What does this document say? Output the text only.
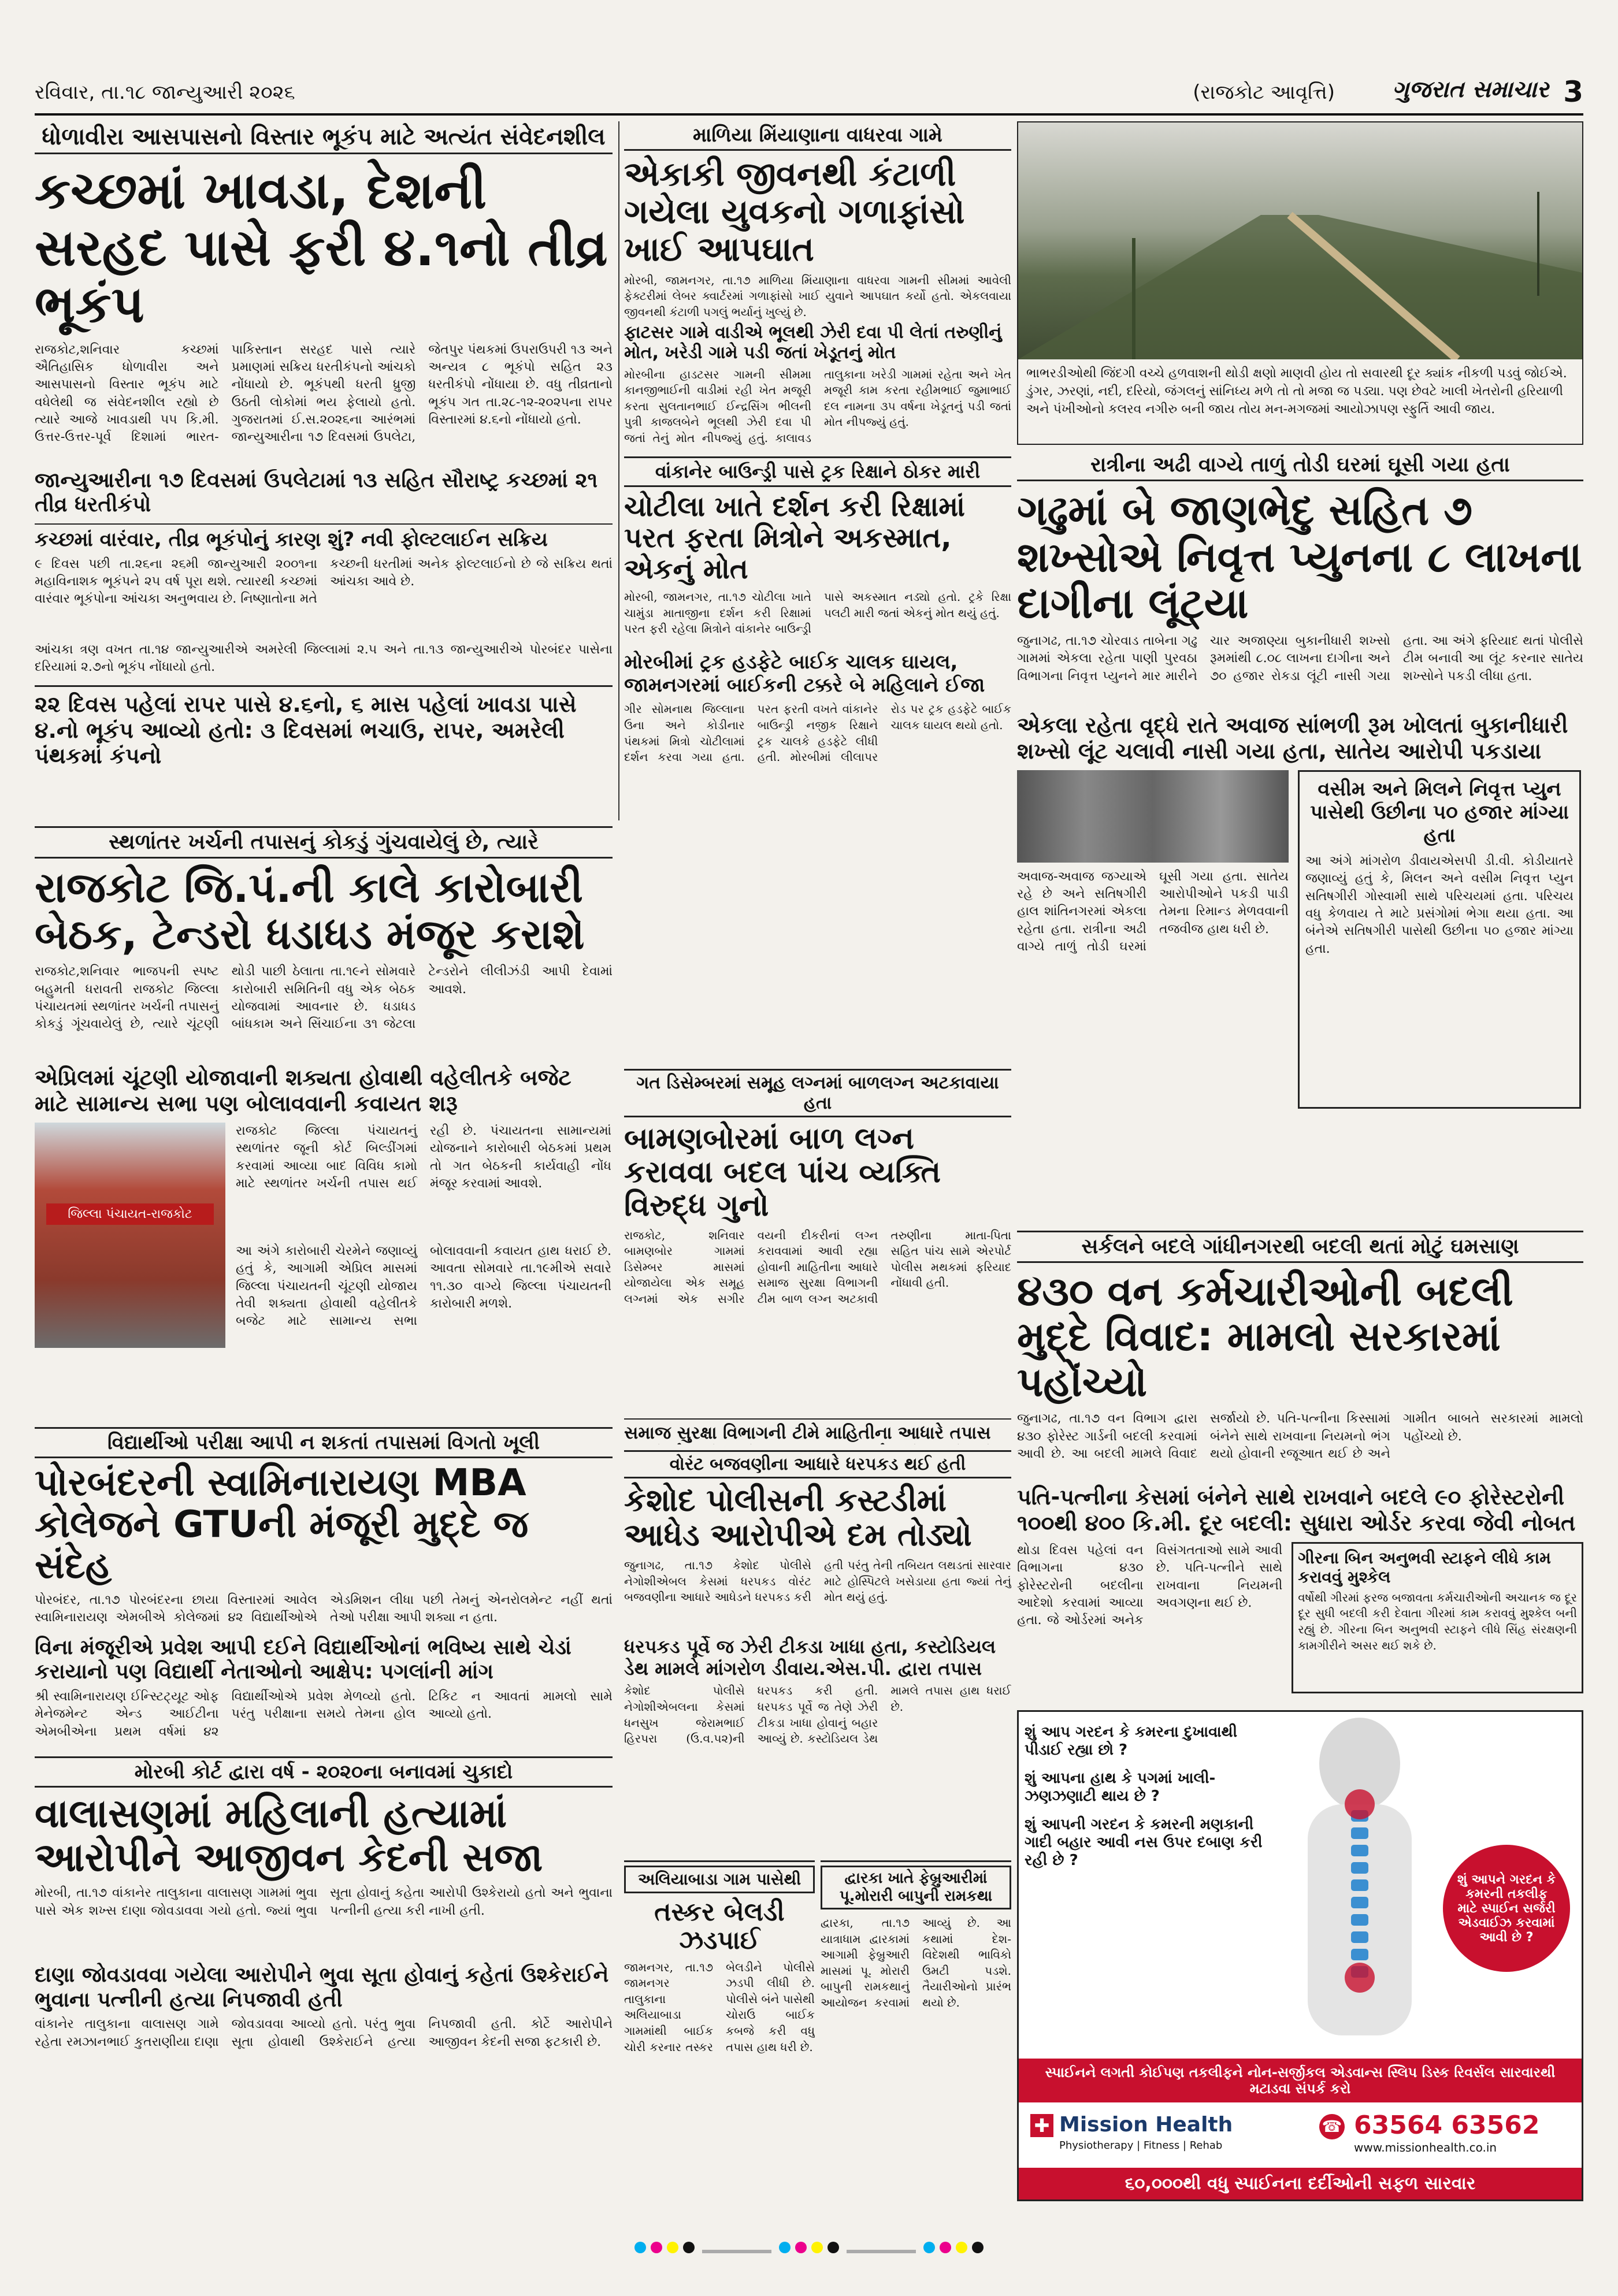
રવિવાર, તા.૧૮ જાન્યુઆરી ૨૦૨૬	(રાજકોટ આવૃત્તિ) ગુજરાત સમાચાર 3
ધોળાવીરા આસપાસનો વિસ્તાર ભૂકંપ માટે અત્યંત સંવેદનશીલ
કચ્છમાં ખાવડા, દેશની સરહદ પાસે ફરી ૪.૧નો તીવ્ર ભૂકંપ
રાજકોટ,શનિવાર કચ્છમાં ઐતિહાસિક ધોળાવીરા અને આસપાસનો વિસ્તાર ભૂકંપ માટે વધેલેથી જ સંવેદનશીલ રહ્યો છે ત્યારે આજે ખાવડાથી ૫૫ કિ.મી. ઉત્તર-ઉત્તર-પૂર્વ દિશામાં ભારત-પાકિસ્તાન સરહદ પાસે ત્યારે પ્રમાણમાં સક્રિય ધરતીકંપનો આંચકો નોંધાયો છે. ભૂકંપથી ધરતી ધ્રુજી ઉઠતી લોકોમાં ભય ફેલાયો હતો. ગુજરાતમાં ઈ.સ.૨૦૨૬ના આરંભમાં જાન્યુઆરીના ૧૭ દિવસમાં ઉપલેટા, જેતપુર પંથકમાં ઉપરાઉપરી ૧૩ અને અન્યત્ર ૮ ભૂકંપો સહિત ૨૩ ધરતીકંપો નોંધાયા છે. વધુ તીવ્રતાનો ભૂકંપ ગત તા.૨૮-૧૨-૨૦૨૫ના રાપર વિસ્તારમાં ૪.૬નો નોંધાયો હતો.
જાન્યુઆરીના ૧૭ દિવસમાં ઉપલેટામાં ૧૩ સહિત સૌરાષ્ટ્ર કચ્છમાં ૨૧ તીવ્ર ધરતીકંપો
કચ્છમાં વારંવાર, તીવ્ર ભૂકંપોનું કારણ શું? નવી ફોલ્ટલાઈન સક્રિય
૯ દિવસ પછી તા.૨૬ના ૨૬મી જાન્યુઆરી ૨૦૦૧ના મહાવિનાશક ભૂકંપને ૨૫ વર્ષ પૂરા થશે. ત્યારથી કચ્છમાં વારંવાર ભૂકંપોના આંચકા અનુભવાય છે. નિષ્ણાતોના મતે કચ્છની ધરતીમાં અનેક ફોલ્ટલાઈનો છે જે સક્રિય થતાં આંચકા આવે છે.
આંચકા ત્રણ વખત તા.૧૪ જાન્યુઆરીએ અમરેલી જિલ્લામાં ૨.૫ અને તા.૧૩ જાન્યુઆરીએ પોરબંદર પાસેના દરિયામાં ૨.૭નો ભૂકંપ નોંધાયો હતો.
૨૨ દિવસ પહેલાં રાપર પાસે ૪.૬નો, ૬ માસ પહેલાં ખાવડા પાસે ૪.નો ભૂકંપ આવ્યો હતો: ૩ દિવસમાં ભચાઉ, રાપર, અમરેલી પંથકમાં કંપનો
માળિયા મિંયાણાના વાધરવા ગામે
એકાકી જીવનથી કંટાળી ગયેલા યુવકનો ગળાફાંસો ખાઈ આપઘાત
મોરબી, જામનગર, તા.૧૭ માળિયા મિંયાણાના વાધરવા ગામની સીમમાં આવેલી ફેક્ટરીમાં લેબર ક્વાર્ટરમાં ગળાફાંસો ખાઈ યુવાને આપઘાત કર્યો હતો. એકલવાયા જીવનથી કંટાળી પગલું ભર્યાનું ખુલ્યું છે.
ફાટસર ગામે વાડીએ ભૂલથી ઝેરી દવા પી લેતાં તરુણીનું મોત, ખરેડી ગામે પડી જતાં ખેડૂતનું મોત
મોરબીના હાડટસર ગામની સીમમા કાનજીભાઈની વાડીમાં રહી ખેત મજૂરી કરતા સુલતાનભાઈ ઈન્દ્રસિંગ ભીલની પુત્રી કાજલબેને ભૂલથી ઝેરી દવા પી જતાં તેનું મોત નીપજ્યું હતું. કાલાવડ તાલુકાના ખરેડી ગામમાં રહેતા અને ખેત મજૂરી કામ કરતા રહીમભાઈ જુમાભાઈ દલ નામના ૩૫ વર્ષના ખેડૂતનું પડી જતાં મોત નીપજ્યું હતું.
ભાભરડીઓથી જિંદગી વચ્ચે હળવાશની થોડી ક્ષણો માણવી હોય તો સવારથી દૂર ક્યાંક નીકળી પડવું જોઈએ. ડુંગર, ઝરણાં, નદી, દરિયો, જંગલનું સાંનિધ્ય મળે તો તો મજા જ પડ્યા. પણ છેવટે ખાલી ખેતરોની હરિયાળી અને પંખીઓનો કલરવ નગીરુ બની જાય તોય મન-મગજમાં આયોઝાપણ સ્ફુર્તિ આવી જાય.
રાત્રીના અઢી વાગ્યે તાળું તોડી ઘરમાં ઘૂસી ગયા હતા
ગઢુમાં બે જાણભેદુ સહિત ૭ શખ્સોએ નિવૃત્ત પ્યુનના ૮ લાખના દાગીના લૂંટ્યા
જુનાગઢ, તા.૧૭ ચોરવાડ તાબેના ગઢુ ગામમાં એકલા રહેતા પાણી પુરવઠા વિભાગના નિવૃત્ત પ્યુનને માર મારીને ચાર અજાણ્યા બુકાનીધારી શખ્સો રૂમમાંથી ૮.૦૮ લાખના દાગીના અને ૭૦ હજાર રોકડા લૂંટી નાસી ગયા હતા. આ અંગે ફરિયાદ થતાં પોલીસે ટીમ બનાવી આ લૂંટ કરનાર સાતેય શખ્સોને પકડી લીધા હતા.
એકલા રહેતા વૃદ્ધે રાતે અવાજ સાંભળી રૂમ ખોલતાં બુકાનીધારી શખ્સો લૂંટ ચલાવી નાસી ગયા હતા, સાતેય આરોપી પકડાયા
અવાજ-અવાજ જગ્યાએ રહે છે અને સતિષગીરી હાલ શાંતિનગરમાં એકલા રહેતા હતા. રાત્રીના અઢી વાગ્યે તાળું તોડી ઘરમાં ઘૂસી ગયા હતા. સાતેય આરોપીઓને પકડી પાડી તેમના રિમાન્ડ મેળવવાની તજવીજ હાથ ધરી છે.
વસીમ અને મિલને નિવૃત્ત પ્યુન પાસેથી ઉછીના ૫૦ હજાર માંગ્યા હતા
આ અંગે માંગરોળ ડીવાયએસપી ડી.વી. કોડીયાતરે જણાવ્યું હતું કે, મિલન અને વસીમ નિવૃત્ત પ્યુન સતિષગીરી ગોસ્વામી સાથે પરિચયમાં હતા. પરિચય વધુ કેળવાય તે માટે પ્રસંગોમાં ભેગા થયા હતા. આ બંનેએ સતિષગીરી પાસેથી ઉછીના ૫૦ હજાર માંગ્યા હતા.
સ્થળાંતર ખર્ચની તપાસનું કોકડું ગુંચવાયેલું છે, ત્યારે
રાજકોટ જિ.પં.ની કાલે કારોબારી બેઠક, ટેન્ડરો ધડાધડ મંજૂર કરાશે
રાજકોટ,શનિવાર ભાજપની સ્પષ્ટ બહુમતી ધરાવતી રાજકોટ જિલ્લા પંચાયતમાં સ્થળાંતર ખર્ચની તપાસનું કોકડું ગૂંચવાયેલું છે, ત્યારે ચૂંટણી થોડી પાછી ઠેલાતા તા.૧૯ને સોમવારે કારોબારી સમિતિની વધુ એક બેઠક યોજવામાં આવનાર છે. ધડાધડ બાંધકામ અને સિંચાઈના ૩૧ જેટલા ટેન્ડરોને લીલીઝંડી આપી દેવામાં આવશે.
એપ્રિલમાં ચૂંટણી યોજાવાની શક્યતા હોવાથી વહેલીતકે બજેટ માટે સામાન્ય સભા પણ બોલાવવાની કવાયત શરૂ
જિલ્લા પંચાયત-રાજકોટ
રાજકોટ જિલ્લા પંચાયતનું સ્થળાંતર જૂની કોર્ટ બિલ્ડીંગમાં કરવામાં આવ્યા બાદ વિવિધ કામો માટે સ્થળાંતર ખર્ચની તપાસ થઈ રહી છે. પંચાયતના સામાન્યમાં યોજનાને કારોબારી બેઠકમાં પ્રથમ તો ગત બેઠકની કાર્યવાહી નોંધ મંજૂર કરવામાં આવશે.
આ અંગે કારોબારી ચેરમેને જણાવ્યું હતું કે, આગામી એપ્રિલ માસમાં જિલ્લા પંચાયતની ચૂંટણી યોજાય તેવી શક્યતા હોવાથી વહેલીતકે બજેટ માટે સામાન્ય સભા બોલાવવાની કવાયત હાથ ધરાઈ છે. આવતા સોમવારે તા.૧૯મીએ સવારે ૧૧.૩૦ વાગ્યે જિલ્લા પંચાયતની કારોબારી મળશે.
વાંકાનેર બાઉન્ડ્રી પાસે ટ્રક રિક્ષાને ઠોકર મારી
ચોટીલા ખાતે દર્શન કરી રિક્ષામાં પરત ફરતા મિત્રોને અકસ્માત, એકનું મોત
મોરબી, જામનગર, તા.૧૭ ચોટીલા ખાતે ચામુંડા માતાજીના દર્શન કરી રિક્ષામાં પરત ફરી રહેલા મિત્રોને વાંકાનેર બાઉન્ડ્રી પાસે અકસ્માત નડ્યો હતો. ટ્રકે રિક્ષા પલટી મારી જતાં એકનું મોત થયું હતું.
મોરબીમાં ટ્રક હડફેટે બાઈક ચાલક ઘાયલ, જામનગરમાં બાઈકની ટક્કરે બે મહિલાને ઈજા
ગીર સોમનાથ જિલ્લાના ઉના અને કોડીનાર પંથકમાં મિત્રો ચોટીલામાં દર્શન કરવા ગયા હતા. પરત ફરતી વખતે વાંકાનેર બાઉન્ડ્રી નજીક રિક્ષાને ટ્રક ચાલકે હડફેટે લીધી હતી. મોરબીમાં લીલાપર રોડ પર ટ્રક હડફેટે બાઈક ચાલક ઘાયલ થયો હતો.
ગત ડિસેમ્બરમાં સમૂહ લગ્નમાં બાળલગ્ન અટકાવાયા હતા
બામણબોરમાં બાળ લગ્ન કરાવવા બદલ પાંચ વ્યક્તિ વિરુદ્ધ ગુનો
રાજકોટ, શનિવાર બામણબોર ગામમાં ડિસેમ્બર માસમાં યોજાયેલા એક સમૂહ લગ્નમાં એક સગીર વયની દીકરીનાં લગ્ન કરાવવામાં આવી રહ્યા હોવાની માહિતીના આધારે સમાજ સુરક્ષા વિભાગની ટીમ બાળ લગ્ન અટકાવી તરુણીના માતા-પિતા સહિત પાંચ સામે એરપોર્ટ પોલીસ મથકમાં ફરિયાદ નોંધાવી હતી.
સમાજ સુરક્ષા વિભાગની ટીમે માહિતીના આધારે તપાસ
સર્કલને બદલે ગાંધીનગરથી બદલી થતાં મોટું ઘમસાણ
૪૩૦ વન કર્મચારીઓની બદલી મુદ્દે વિવાદ: મામલો સરકારમાં પહોંચ્યો
જુનાગઢ, તા.૧૭ વન વિભાગ દ્વારા ૪૩૦ ફોરેસ્ટ ગાર્ડની બદલી કરવામાં આવી છે. આ બદલી મામલે વિવાદ સર્જાયો છે. પતિ-પત્નીના કિસ્સામાં બંનેને સાથે રાખવાના નિયમનો ભંગ થયો હોવાની રજૂઆત થઈ છે અને ગામીત બાબતે સરકારમાં મામલો પહોંચ્યો છે.
પતિ-પત્નીના કેસમાં બંનેને સાથે રાખવાને બદલે ૯૦ ફોરેસ્ટરોની ૧૦૦થી ૪૦૦ કિ.મી. દૂર બદલી: સુધારા ઓર્ડર કરવા જેવી નોબત
થોડા દિવસ પહેલાં વન વિભાગના ૪૩૦ ફોરેસ્ટરોની બદલીના આદેશો કરવામાં આવ્યા હતા. જે ઓર્ડરમાં અનેક વિસંગતતાઓ સામે આવી છે. પતિ-પત્નીને સાથે રાખવાના નિયમની અવગણના થઈ છે.
ગીરના બિન અનુભવી સ્ટાફને લીધે કામ કરાવવું મુશ્કેલ
વર્ષોથી ગીરમાં ફરજ બજાવતા કર્મચારીઓની અચાનક જ દૂર દૂર સુધી બદલી કરી દેવાતા ગીરમાં કામ કરાવવું મુશ્કેલ બની રહ્યું છે. ગીરના બિન અનુભવી સ્ટાફને લીધે સિંહ સંરક્ષણની કામગીરીને અસર થઈ શકે છે.
વિદ્યાર્થીઓ પરીક્ષા આપી ન શકતાં તપાસમાં વિગતો ખૂલી
પોરબંદરની સ્વામિનારાયણ MBA કોલેજને GTUની મંજૂરી મુદ્દે જ સંદેહ
પોરબંદર, તા.૧૭ પોરબંદરના છાયા વિસ્તારમાં આવેલ સ્વામિનારાયણ એમબીએ કોલેજમાં ૪૨ વિદ્યાર્થીઓએ એડમિશન લીધા પછી તેમનું એનરોલમેન્ટ નહીં થતાં તેઓ પરીક્ષા આપી શક્યા ન હતા.
વિના મંજૂરીએ પ્રવેશ આપી દઈને વિદ્યાર્થીઓનાં ભવિષ્ય સાથે ચેડાં કરાયાનો પણ વિદ્યાર્થી નેતાઓનો આક્ષેપ: પગલાંની માંગ
શ્રી સ્વામિનારાયણ ઈન્સ્ટિટ્યૂટ ઓફ મેનેજમેન્ટ એન્ડ આઈટીના એમબીએના પ્રથમ વર્ષમાં ૪૨ વિદ્યાર્થીઓએ પ્રવેશ મેળવ્યો હતો. પરંતુ પરીક્ષાના સમયે તેમના હોલ ટિકિટ ન આવતાં મામલો સામે આવ્યો હતો.
મોરબી કોર્ટ દ્વારા વર્ષ - ૨૦૨૦ના બનાવમાં ચુકાદો
વાલાસણમાં મહિલાની હત્યામાં આરોપીને આજીવન કેદની સજા
મોરબી, તા.૧૭ વાંકાનેર તાલુકાના વાલાસણ ગામમાં ભુવા પાસે એક શખ્સ દાણા જોવડાવવા ગયો હતો. જ્યાં ભુવા સૂતા હોવાનું કહેતા આરોપી ઉશ્કેરાયો હતો અને ભુવાના પત્નીની હત્યા કરી નાખી હતી.
દાણા જોવડાવવા ગયેલા આરોપીને ભુવા સૂતા હોવાનું કહેતાં ઉશ્કેરાઈને ભુવાના પત્નીની હત્યા નિપજાવી હતી
વાંકાનેર તાલુકાના વાલાસણ ગામે રહેતા રમઝાનભાઈ કુતરાણીયા દાણા જોવડાવવા આવ્યો હતો. પરંતુ ભુવા સૂતા હોવાથી ઉશ્કેરાઈને હત્યા નિપજાવી હતી. કોર્ટે આરોપીને આજીવન કેદની સજા ફટકારી છે.
વોરંટ બજવણીના આધારે ધરપકડ થઈ હતી
કેશોદ પોલીસની કસ્ટડીમાં આધેડ આરોપીએ દમ તોડ્યો
જુનાગઢ, તા.૧૭ કેશોદ પોલીસે નેગોશીએબલ કેસમાં ધરપકડ વોરંટ બજવણીના આધારે આધેડને ધરપકડ કરી હતી પરંતુ તેની તબિયત લથડતાં સારવાર માટે હોસ્પિટલે ખસેડાયા હતા જ્યાં તેનું મોત થયું હતું.
ધરપકડ પૂર્વે જ ઝેરી ટીકડા ખાધા હતા, કસ્ટોડિયલ ડેથ મામલે માંગરોળ ડીવાય.એસ.પી. દ્વારા તપાસ
કેશોદ પોલીસે નેગોશીએબલના કેસમાં ધનસુખ જેરામભાઈ હિરપરા (ઉ.વ.૫૨)ની ધરપકડ કરી હતી. ધરપકડ પૂર્વે જ તેણે ઝેરી ટીકડા ખાધા હોવાનું બહાર આવ્યું છે. કસ્ટોડિયલ ડેથ મામલે તપાસ હાથ ધરાઈ છે.
અલિયાબાડા ગામ પાસેથી
તસ્કર બેલડી ઝડપાઈ
જામનગર, તા.૧૭ જામનગર તાલુકાના અલિયાબાડા ગામમાંથી બાઈક ચોરી કરનાર તસ્કર બેલડીને પોલીસે ઝડપી લીધી છે. પોલીસે બંને પાસેથી ચોરાઉ બાઈક કબજે કરી વધુ તપાસ હાથ ધરી છે.
દ્વારકા ખાતે ફેબ્રુઆરીમાં પૂ.મોરારી બાપુની રામકથા
દ્વારકા, તા.૧૭ યાત્રાધામ દ્વારકામાં આગામી ફેબ્રુઆરી માસમાં પૂ. મોરારી બાપુની રામકથાનું આયોજન કરવામાં આવ્યું છે. આ કથામાં દેશ-વિદેશથી ભાવિકો ઉમટી પડશે. તૈયારીઓનો પ્રારંભ થયો છે.
શું આપ ગરદન કે કમરના દુખાવાથી પીડાઈ રહ્યા છો ?
શું આપના હાથ કે પગમાં ખાલી-ઝણઝણાટી થાય છે ?
શું આપની ગરદન કે કમરની મણકાની ગાદી બહાર આવી નસ ઉપર દબાણ કરી રહી છે ?
શું આપને ગરદન કે કમરની તકલીફ માટે સ્પાઈન સર્જરી એડવાઈઝ કરવામાં આવી છે ?
સ્પાઈનને લગતી કોઈપણ તકલીફને નોન-સર્જીકલ એડવાન્સ સ્લિપ ડિસ્ક રિવર્સલ સારવારથી મટાડવા સંપર્ક કરો
✚ Mission Health
Physiotherapy | Fitness | Rehab
☎ 63564 63562
www.missionhealth.co.in
૬૦,૦૦૦થી વધુ સ્પાઈનના દર્દીઓની સફળ સારવાર
